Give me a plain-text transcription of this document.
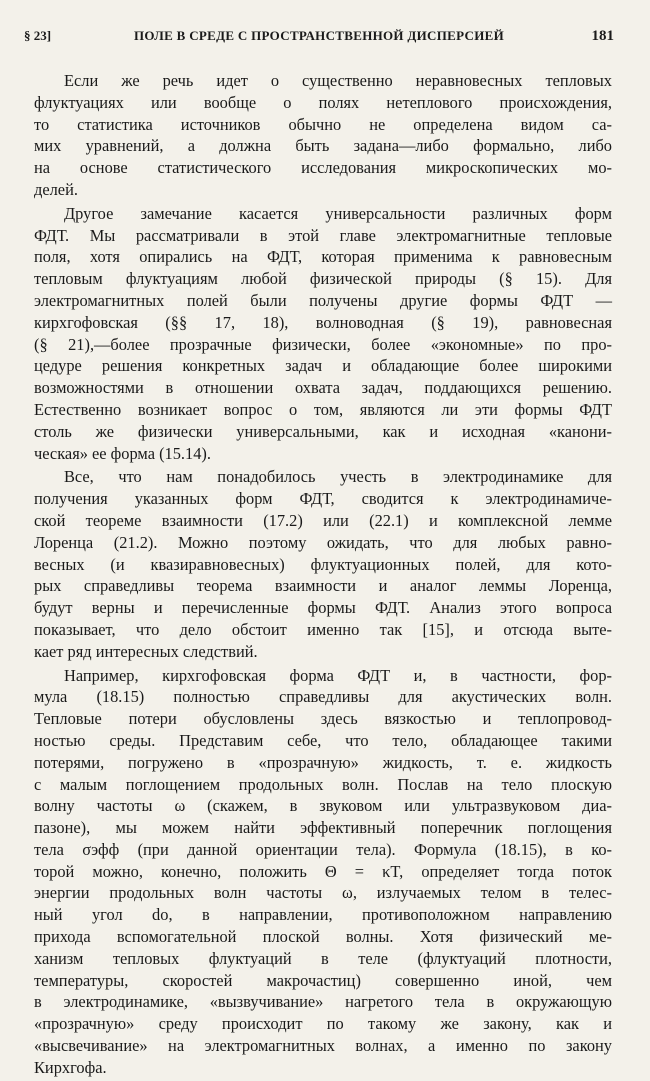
§ 23]	ПОЛЕ В СРЕДЕ С ПРОСТРАНСТВЕННОЙ ДИСПЕРСИЕЙ	181

Если же речь идет о существенно неравновесных тепловых
флуктуациях или вообще о полях нетеплового происхождения,
то статистика источников обычно не определена видом са-
мих уравнений, а должна быть задана—либо формально, либо
на основе статистического исследования микроскопических мо-
делей.

Другое замечание касается универсальности различных форм
ФДТ. Мы рассматривали в этой главе электромагнитные тепловые
поля, хотя опирались на ФДТ, которая применима к равновесным
тепловым флуктуациям любой физической природы (§ 15). Для
электромагнитных полей были получены другие формы ФДТ —
кирхгофовская (§§ 17, 18), волноводная (§ 19), равновесная
(§ 21),—более прозрачные физически, более «экономные» по про-
цедуре решения конкретных задач и обладающие более широкими
возможностями в отношении охвата задач, поддающихся решению.
Естественно возникает вопрос о том, являются ли эти формы ФДТ
столь же физически универсальными, как и исходная «канони-
ческая» ее форма (15.14).

Все, что нам понадобилось учесть в электродинамике для
получения указанных форм ФДТ, сводится к электродинамиче-
ской теореме взаимности (17.2) или (22.1) и комплексной лемме
Лоренца (21.2). Можно поэтому ожидать, что для любых равно-
весных (и квазиравновесных) флуктуационных полей, для кото-
рых справедливы теорема взаимности и аналог леммы Лоренца,
будут верны и перечисленные формы ФДТ. Анализ этого вопроса
показывает, что дело обстоит именно так [15], и отсюда выте-
кает ряд интересных следствий.

Например, кирхгофовская форма ФДТ и, в частности, фор-
мула (18.15) полностью справедливы для акустических волн.
Тепловые потери обусловлены здесь вязкостью и теплопровод-
ностью среды. Представим себе, что тело, обладающее такими
потерями, погружено в «прозрачную» жидкость, т. е. жидкость
с малым поглощением продольных волн. Послав на тело плоскую
волну частоты ω (скажем, в звуковом или ультразвуковом диа-
пазоне), мы можем найти эффективный поперечник поглощения
тела σэфф (при данной ориентации тела). Формула (18.15), в ко-
торой можно, конечно, положить Θ = κT, определяет тогда поток
энергии продольных волн частоты ω, излучаемых телом в телес-
ный угол dο, в направлении, противоположном направлению
прихода вспомогательной плоской волны. Хотя физический ме-
ханизм тепловых флуктуаций в теле (флуктуаций плотности,
температуры, скоростей макрочастиц) совершенно иной, чем
в электродинамике, «вызвучивание» нагретого тела в окружающую
«прозрачную» среду происходит по такому же закону, как и
«высвечивание» на электромагнитных волнах, а именно по закону
Кирхгофа.
